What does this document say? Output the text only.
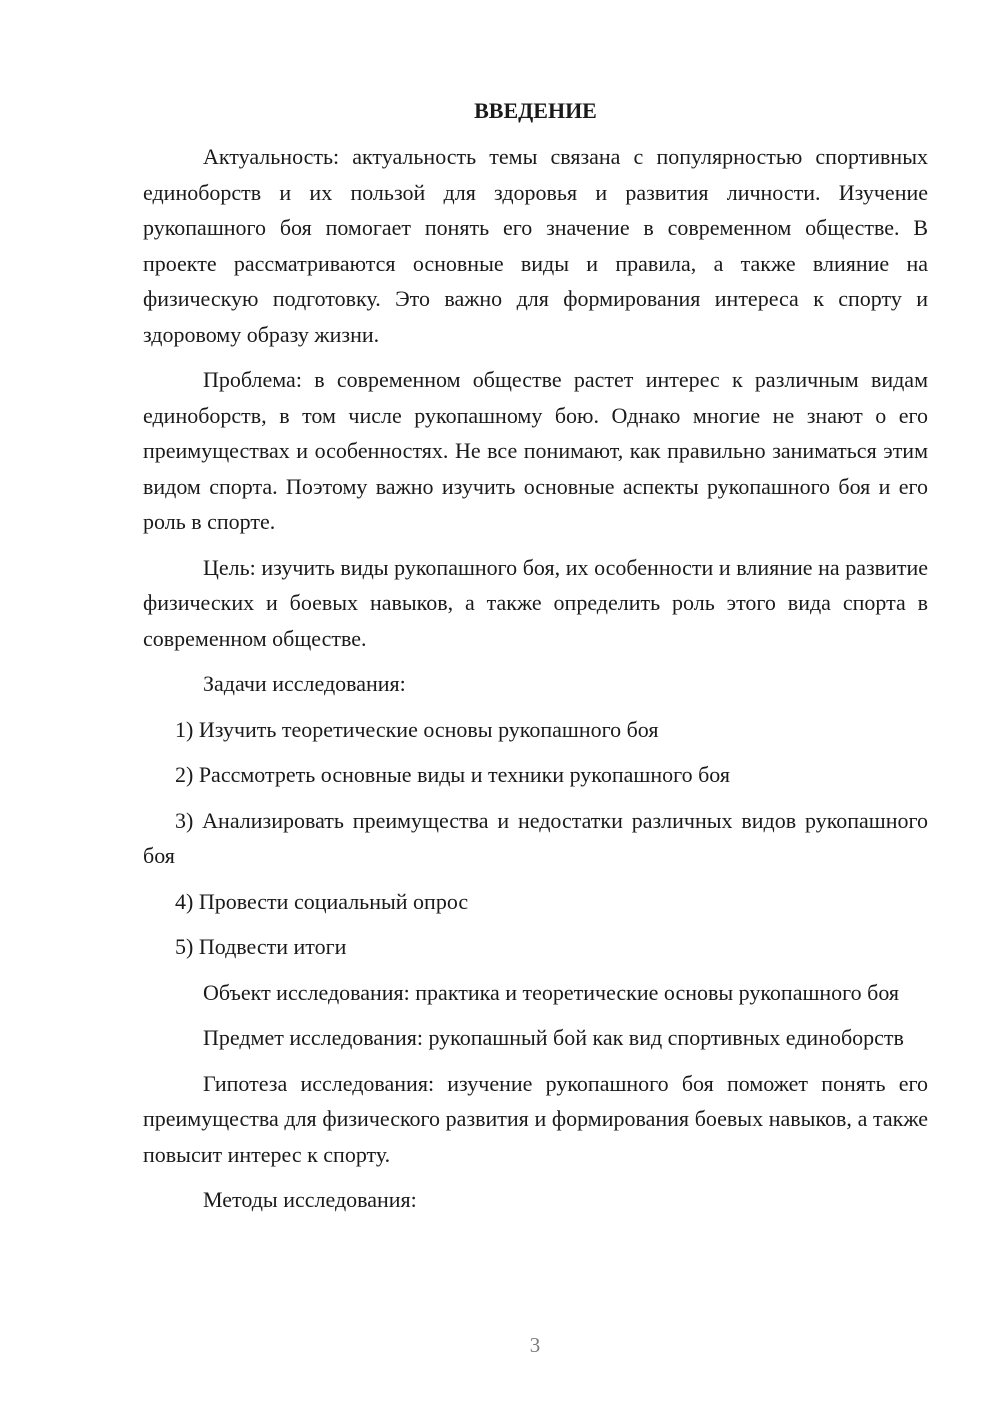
ВВЕДЕНИЕ

Актуальность: актуальность темы связана с популярностью спортивных единоборств и их пользой для здоровья и развития личности. Изучение рукопашного боя помогает понять его значение в современном обществе. В проекте рассматриваются основные виды и правила, а также влияние на физическую подготовку. Это важно для формирования интереса к спорту и здоровому образу жизни.

Проблема: в современном обществе растет интерес к различным видам единоборств, в том числе рукопашному бою. Однако многие не знают о его преимуществах и особенностях. Не все понимают, как правильно заниматься этим видом спорта. Поэтому важно изучить основные аспекты рукопашного боя и его роль в спорте.

Цель: изучить виды рукопашного боя, их особенности и влияние на развитие физических и боевых навыков, а также определить роль этого вида спорта в современном обществе.

Задачи исследования:

1) Изучить теоретические основы рукопашного боя

2) Рассмотреть основные виды и техники рукопашного боя

3) Анализировать преимущества и недостатки различных видов рукопашного боя

4) Провести социальный опрос

5) Подвести итоги

Объект исследования: практика и теоретические основы рукопашного боя

Предмет исследования: рукопашный бой как вид спортивных единоборств

Гипотеза исследования: изучение рукопашного боя поможет понять его преимущества для физического развития и формирования боевых навыков, а также повысит интерес к спорту.

Методы исследования:

3
